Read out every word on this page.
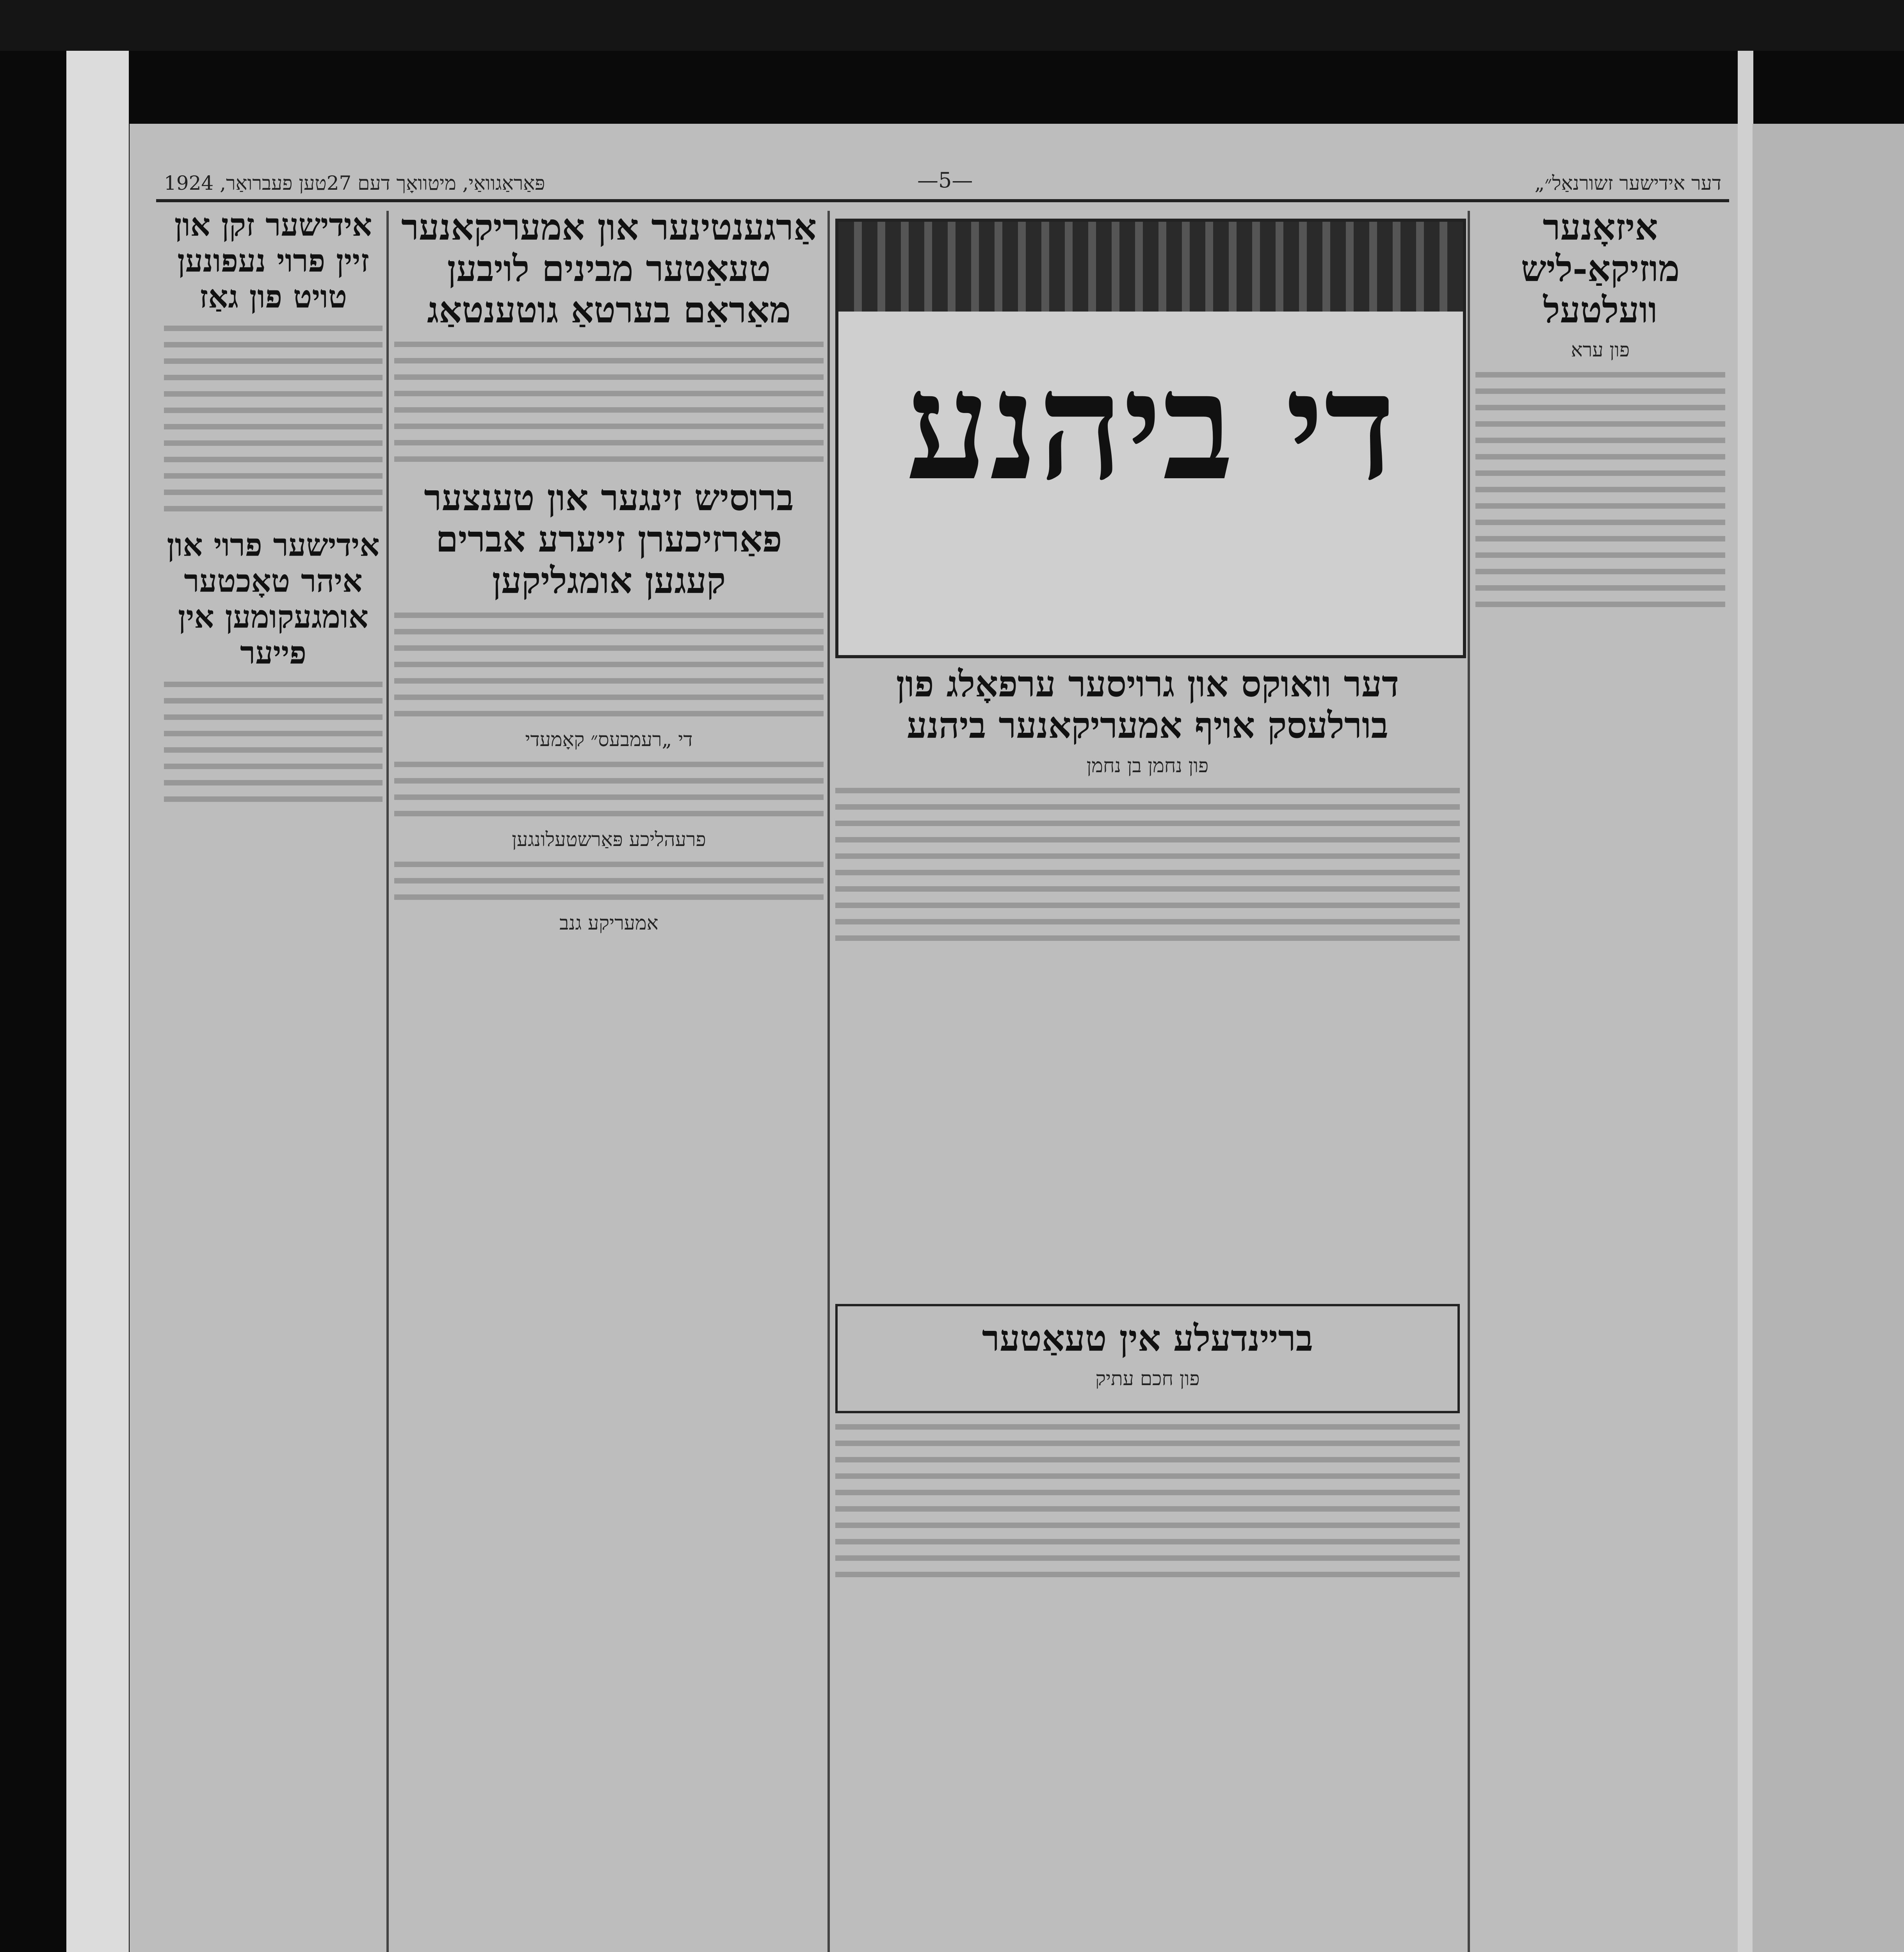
פּאַראַגוואַי, מיטוואָך דעם 27טען פעברואַר, 1924	—5—	„דער אידישער זשורנאַל״
איזאָנער מוזיקאַ-ליש וועלטעל
פון ערא
די ביהנע
דער וואוקס און גרויסער ערפאָלג פון בורלעסק אויף אמעריקאנער ביהנע
פון נחמן בן נחמן
ברײנדעלע אין טעאַטער
פון חכם עתיק
אַרגענטינער און אמעריקאנער טעאַטער מבינים לויבען מאַראַם בערטאַ גוטענטאַג
ברוסיש זינגער און טענצער פאַרזיכערן זייערע אברים קעגען אומגליקען
די „רעמבעס״ קאָמעדי
פרעהליכע פּאַרשטעלונגען
אמעריקע גנב
אידישער זקן און זיין פרוי נעפונען טויט פון גאַז
אידישער פרוי און איהר טאָכטער אומגעקומען אין פייער
